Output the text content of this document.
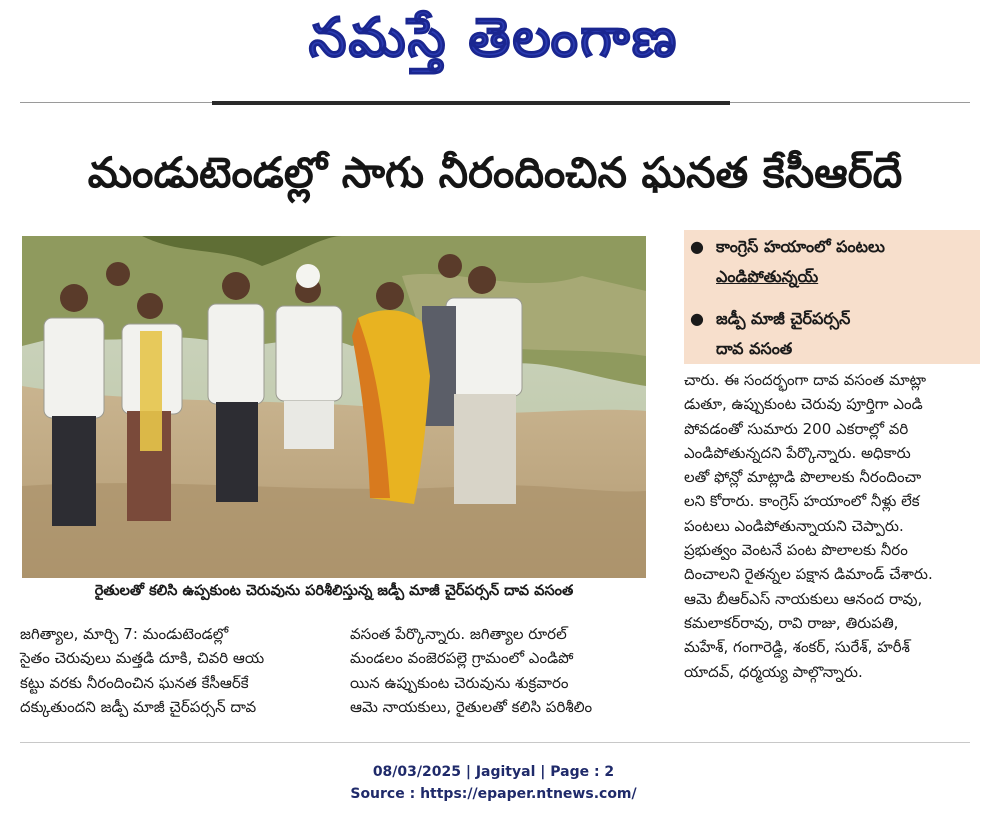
నమస్తే తెలంగాణ
మండుటెండల్లో సాగు నీరందించిన ఘనత కేసీఆర్‌దే
రైతులతో కలిసి ఉప్పకుంట చెరువును పరిశీలిస్తున్న జడ్పీ మాజీ చైర్‌పర్సన్‌ దావ వసంత
● కాంగ్రెస్‌ హయాంలో పంటలు
ఎండిపోతున్నయ్‌
● జడ్పీ మాజీ చైర్‌పర్సన్‌
దావ వసంత
జగిత్యాల, మార్చి 7: మండుటెండల్లో
సైతం చెరువులు మత్తడి దూకి, చివరి ఆయ
కట్టు వరకు నీరందించిన ఘనత కేసీఆర్‌కే
దక్కుతుందని జడ్పీ మాజీ చైర్‌పర్సన్‌ దావ
వసంత పేర్కొన్నారు. జగిత్యాల రూరల్‌
మండలం వంజెరపల్లె గ్రామంలో ఎండిపో
యిన ఉప్పుకుంట చెరువును శుక్రవారం
ఆమె నాయకులు, రైతులతో కలిసి పరిశీలిం
చారు. ఈ సందర్భంగా దావ వసంత మాట్లా
డుతూ, ఉప్పుకుంట చెరువు పూర్తిగా ఎండి
పోవడంతో సుమారు 200 ఎకరాల్లో వరి
ఎండిపోతున్నదని పేర్కొన్నారు. అధికారు
లతో ఫోన్లో మాట్లాడి పొలాలకు నీరందించా
లని కోరారు. కాంగ్రెస్‌ హయాంలో నీళ్లు లేక
పంటలు ఎండిపోతున్నాయని చెప్పారు.
ప్రభుత్వం వెంటనే పంట పొలాలకు నీరం
దించాలని రైతన్నల పక్షాన డిమాండ్‌ చేశారు.
ఆమె బీఆర్‌ఎస్‌ నాయకులు ఆనంద రావు,
కమలాకర్‌రావు, రావి రాజు, తిరుపతి,
మహేశ్‌, గంగారెడ్డి, శంకర్‌, సురేశ్‌, హరీశ్‌
యాదవ్‌, ధర్మయ్య పాల్గొన్నారు.
08/03/2025 | Jagityal | Page : 2
Source : https://epaper.ntnews.com/
